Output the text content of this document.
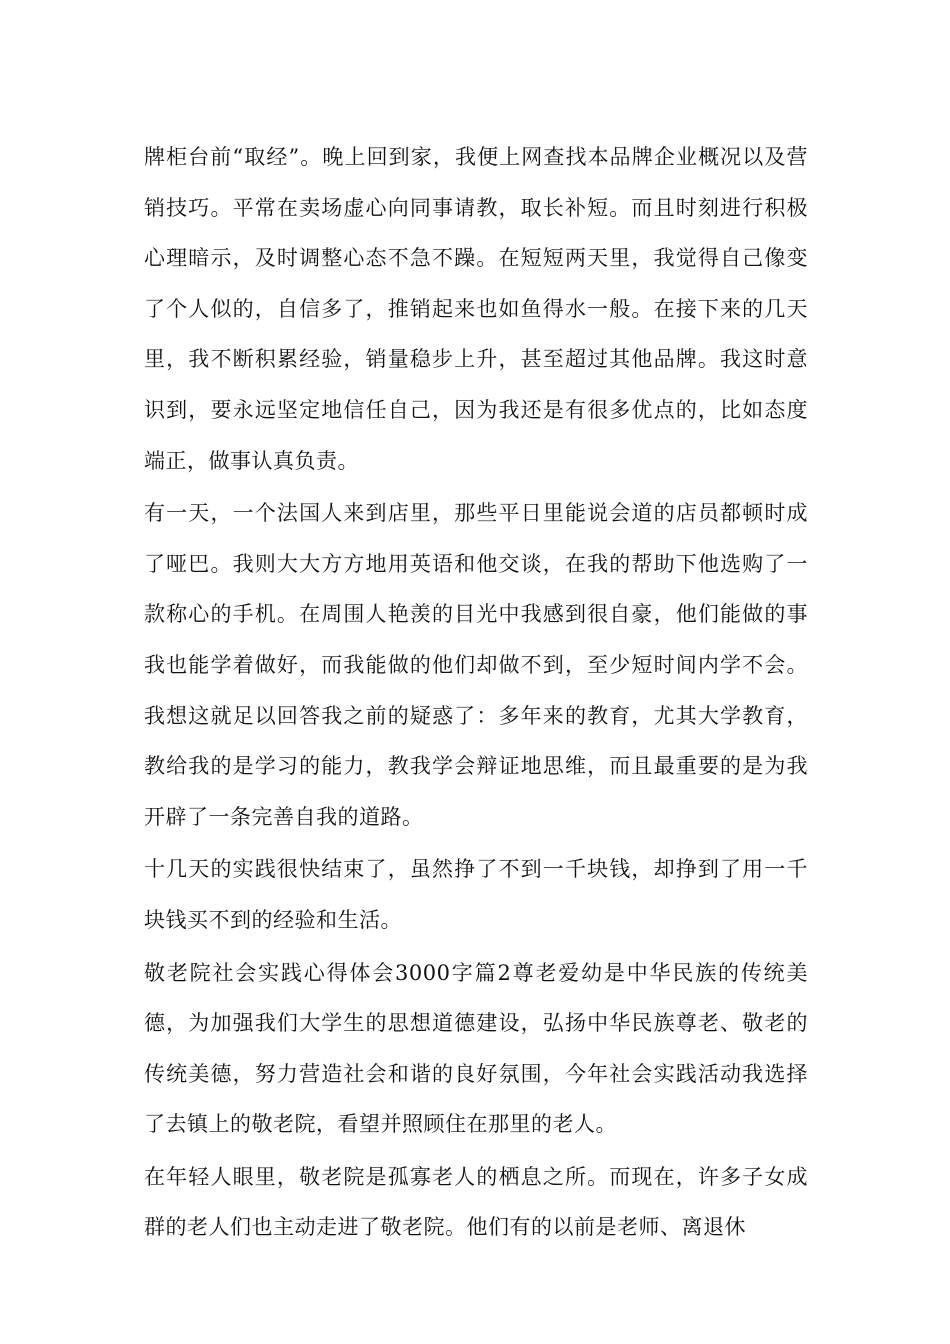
牌柜台前“取经”。晚上回到家，我便上网查找本品牌企业概况以及营销技巧。平常在卖场虚心向同事请教，取长补短。而且时刻进行积极心理暗示，及时调整心态不急不躁。在短短两天里，我觉得自己像变了个人似的，自信多了，推销起来也如鱼得水一般。在接下来的几天里，我不断积累经验，销量稳步上升，甚至超过其他品牌。我这时意识到，要永远坚定地信任自己，因为我还是有很多优点的，比如态度端正，做事认真负责。

有一天，一个法国人来到店里，那些平日里能说会道的店员都顿时成了哑巴。我则大大方方地用英语和他交谈，在我的帮助下他选购了一款称心的手机。在周围人艳羡的目光中我感到很自豪，他们能做的事我也能学着做好，而我能做的他们却做不到，至少短时间内学不会。我想这就足以回答我之前的疑惑了：多年来的教育，尤其大学教育，教给我的是学习的能力，教我学会辩证地思维，而且最重要的是为我开辟了一条完善自我的道路。

十几天的实践很快结束了，虽然挣了不到一千块钱，却挣到了用一千块钱买不到的经验和生活。

敬老院社会实践心得体会3000字篇2尊老爱幼是中华民族的传统美德，为加强我们大学生的思想道德建设，弘扬中华民族尊老、敬老的传统美德，努力营造社会和谐的良好氛围，今年社会实践活动我选择了去镇上的敬老院，看望并照顾住在那里的老人。

在年轻人眼里，敬老院是孤寡老人的栖息之所。而现在，许多子女成群的老人们也主动走进了敬老院。他们有的以前是老师、离退休
